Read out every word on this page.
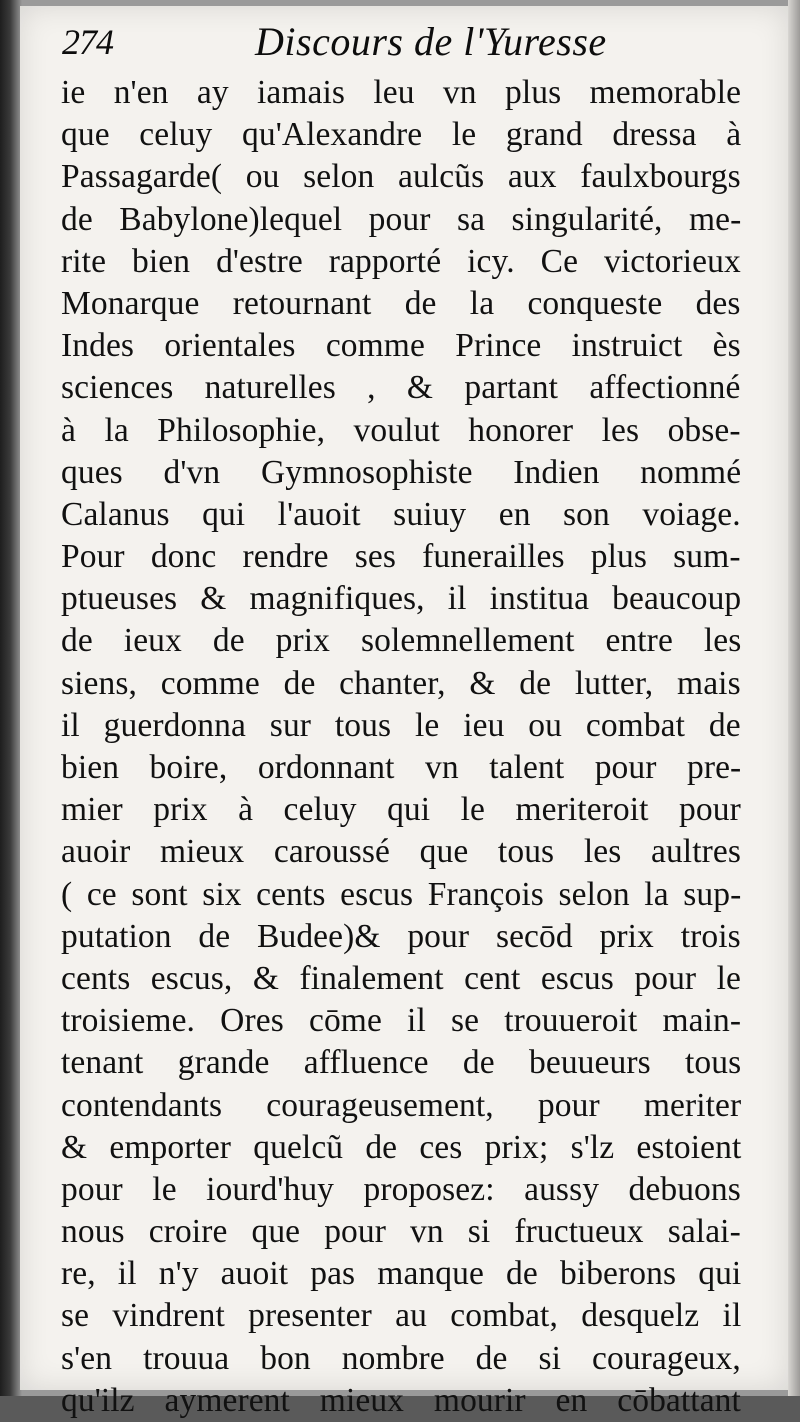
274	Discours de l'Yuresse
ie n'en ay iamais leu vn plus memorable
que celuy qu'Alexandre le grand dressa à
Passagarde( ou selon aulcũs aux faulxbourgs
de Babylone)lequel pour sa singularité, me-
rite bien d'estre rapporté icy. Ce victorieux
Monarque retournant de la conqueste des
Indes orientales comme Prince instruict ès
sciences naturelles , & partant affectionné
à la Philosophie, voulut honorer les obse-
ques d'vn Gymnosophiste Indien nommé
Calanus qui l'auoit suiuy en son voiage.
Pour donc rendre ses funerailles plus sum-
ptueuses & magnifiques, il institua beaucoup
de ieux de prix solemnellement entre les
siens, comme de chanter, & de lutter, mais
il guerdonna sur tous le ieu ou combat de
bien boire, ordonnant vn talent pour pre-
mier prix à celuy qui le meriteroit pour
auoir mieux caroussé que tous les aultres
( ce sont six cents escus François selon la sup-
putation de Budee)& pour secōd prix trois
cents escus, & finalement cent escus pour le
troisieme. Ores cōme il se trouueroit main-
tenant grande affluence de beuueurs tous
contendants courageusement, pour meriter
& emporter quelcũ de ces prix; s'lz estoient
pour le iourd'huy proposez: aussy debuons
nous croire que pour vn si fructueux salai-
re, il n'y auoit pas manque de biberons qui
se vindrent presenter au combat, desquelz il
s'en trouua bon nombre de si courageux,
qu'ilz aymerent mieux mourir en cōbattant
